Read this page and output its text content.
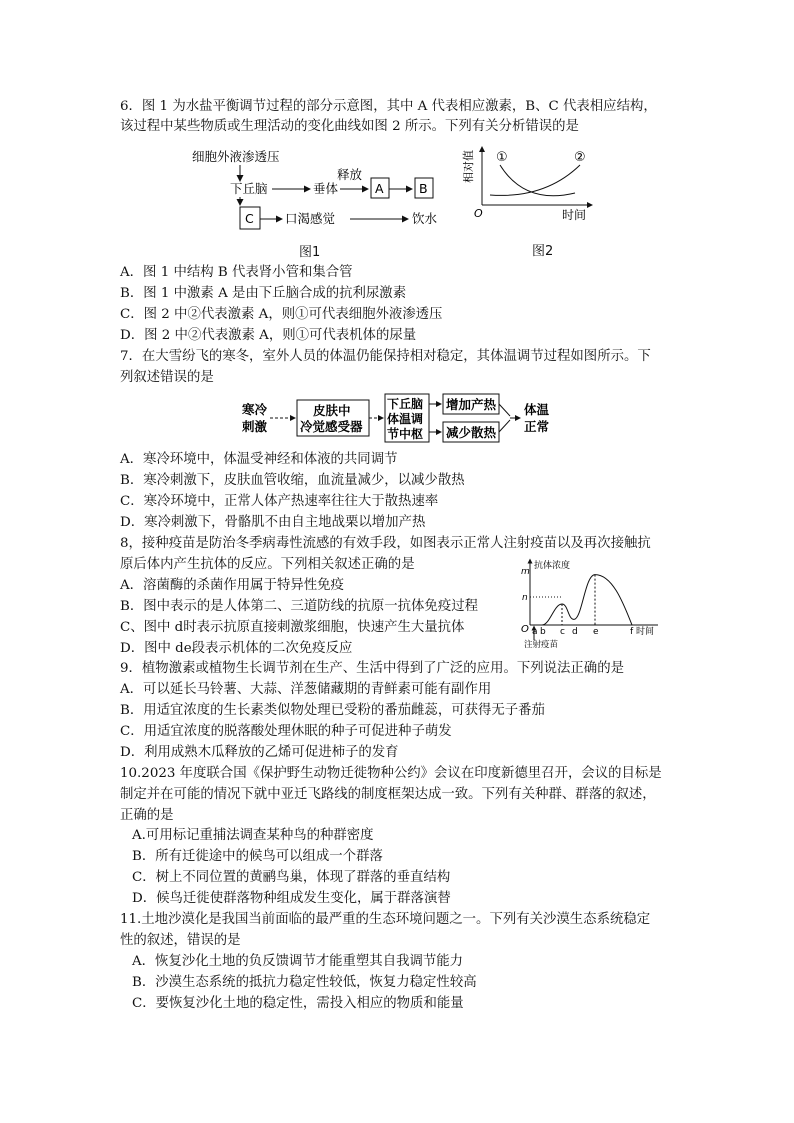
6．图 1 为水盐平衡调节过程的部分示意图，其中 A 代表相应激素，B、C 代表相应结构，
该过程中某些物质或生理活动的变化曲线如图 2 所示。下列有关分析错误的是
细胞外液渗透压
下丘脑	垂体
释放
A	B
C	口渴感觉	饮水
图1
相对值 ①	②
O	时间
图2
A．图 1 中结构 B 代表肾小管和集合管
B．图 1 中激素 A 是由下丘脑合成的抗利尿激素
C．图 2 中②代表激素 A，则①可代表细胞外液渗透压
D．图 2 中②代表激素 A，则①可代表机体的尿量
7．在大雪纷飞的寒冬，室外人员的体温仍能保持相对稳定，其体温调节过程如图所示。下
列叙述错误的是
寒冷
刺激
皮肤中
冷觉感受器
下丘脑
体温调
节中枢
增加产热
减少散热
体温
正常
A．寒冷环境中，体温受神经和体液的共同调节
B．寒冷刺激下，皮肤血管收缩，血流量减少，以减少散热
C．寒冷环境中，正常人体产热速率往往大于散热速率
D．寒冷刺激下，骨骼肌不由自主地战栗以增加产热
8，接种疫苗是防治冬季病毒性流感的有效手段，如图表示正常人注射疫苗以及再次接触抗
原后体内产生抗体的反应。下列相关叙述正确的是
A．溶菌酶的杀菌作用属于特异性免疫
B．图中表示的是人体第二、三道防线的抗原一抗体免疫过程
C、图中 d时表示抗原直接刺激浆细胞，快速产生大量抗体
D．图中 de段表示机体的二次免疫反应
抗体浓度
m
n
O a b c d e	f
注射疫苗
时间
9．植物激素或植物生长调节剂在生产、生活中得到了广泛的应用。下列说法正确的是
A．可以延长马铃薯、大蒜、洋葱储藏期的青鲜素可能有副作用
B．用适宜浓度的生长素类似物处理已受粉的番茄雌蕊，可获得无子番茄
C．用适宜浓度的脱落酸处理休眠的种子可促进种子萌发
D．利用成熟木瓜释放的乙烯可促进柿子的发育
10.2023 年度联合国《保护野生动物迁徙物种公约》会议在印度新德里召开，会议的目标是
制定并在可能的情况下就中亚迁飞路线的制度框架达成一致。下列有关种群、群落的叙述，
正确的是
A.可用标记重捕法调查某种鸟的种群密度
B．所有迁徙途中的候鸟可以组成一个群落
C．树上不同位置的黄鹂鸟巢，体现了群落的垂直结构
D．候鸟迁徙使群落物种组成发生变化，属于群落演替
11.土地沙漠化是我国当前面临的最严重的生态环境问题之一。下列有关沙漠生态系统稳定
性的叙述，错误的是
A．恢复沙化土地的负反馈调节才能重塑其自我调节能力
B．沙漠生态系统的抵抗力稳定性较低，恢复力稳定性较高
C．要恢复沙化土地的稳定性，需投入相应的物质和能量
